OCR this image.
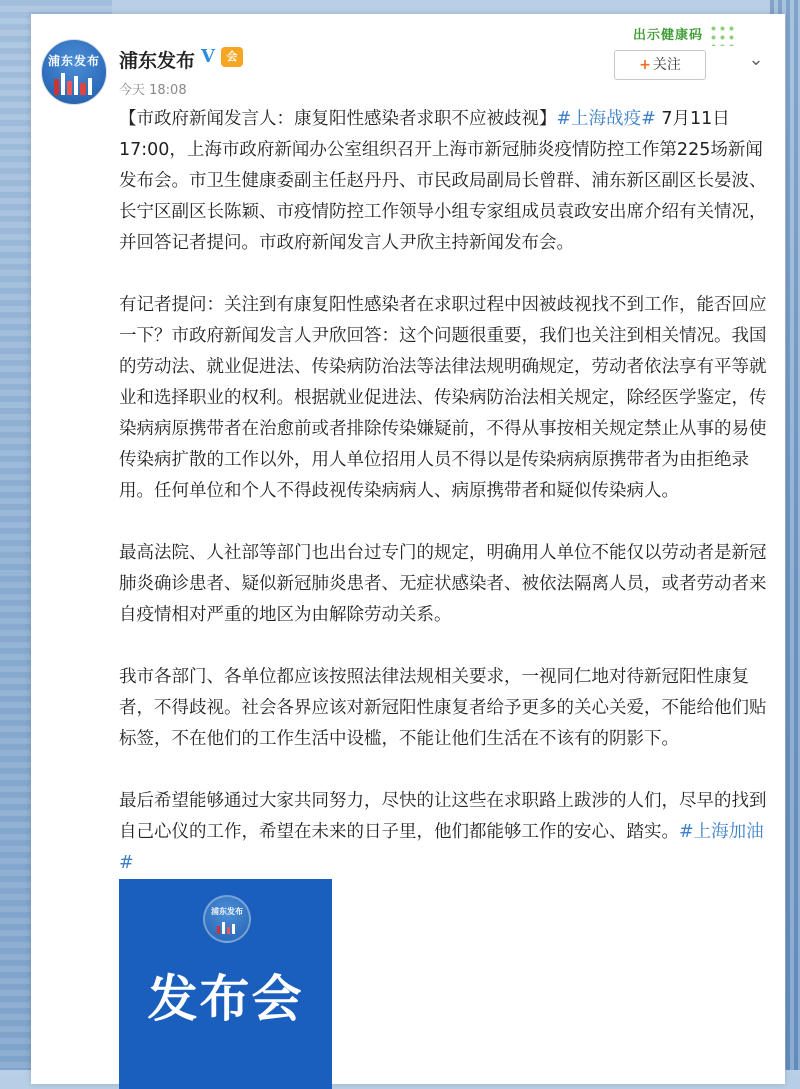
浦东发布	浦东发布 V	会
今天 18:08
出示健康码
+ 关注	⌄

【市政府新闻发言人：康复阳性感染者求职不应被歧视】#上海战疫# 7月11日17:00，上海市政府新闻办公室组织召开上海市新冠肺炎疫情防控工作第225场新闻发布会。市卫生健康委副主任赵丹丹、市民政局副局长曾群、浦东新区副区长晏波、长宁区副区长陈颖、市疫情防控工作领导小组专家组成员袁政安出席介绍有关情况，并回答记者提问。市政府新闻发言人尹欣主持新闻发布会。

有记者提问：关注到有康复阳性感染者在求职过程中因被歧视找不到工作，能否回应一下？市政府新闻发言人尹欣回答：这个问题很重要，我们也关注到相关情况。我国的劳动法、就业促进法、传染病防治法等法律法规明确规定，劳动者依法享有平等就业和选择职业的权利。根据就业促进法、传染病防治法相关规定，除经医学鉴定，传染病病原携带者在治愈前或者排除传染嫌疑前，不得从事按相关规定禁止从事的易使传染病扩散的工作以外，用人单位招用人员不得以是传染病病原携带者为由拒绝录用。任何单位和个人不得歧视传染病病人、病原携带者和疑似传染病人。

最高法院、人社部等部门也出台过专门的规定，明确用人单位不能仅以劳动者是新冠肺炎确诊患者、疑似新冠肺炎患者、无症状感染者、被依法隔离人员，或者劳动者来自疫情相对严重的地区为由解除劳动关系。

我市各部门、各单位都应该按照法律法规相关要求，一视同仁地对待新冠阳性康复者，不得歧视。社会各界应该对新冠阳性康复者给予更多的关心关爱，不能给他们贴标签，不在他们的工作生活中设槛，不能让他们生活在不该有的阴影下。

最后希望能够通过大家共同努力，尽快的让这些在求职路上跋涉的人们，尽早的找到自己心仪的工作，希望在未来的日子里，他们都能够工作的安心、踏实。#上海加油#

浦东发布
发布会
